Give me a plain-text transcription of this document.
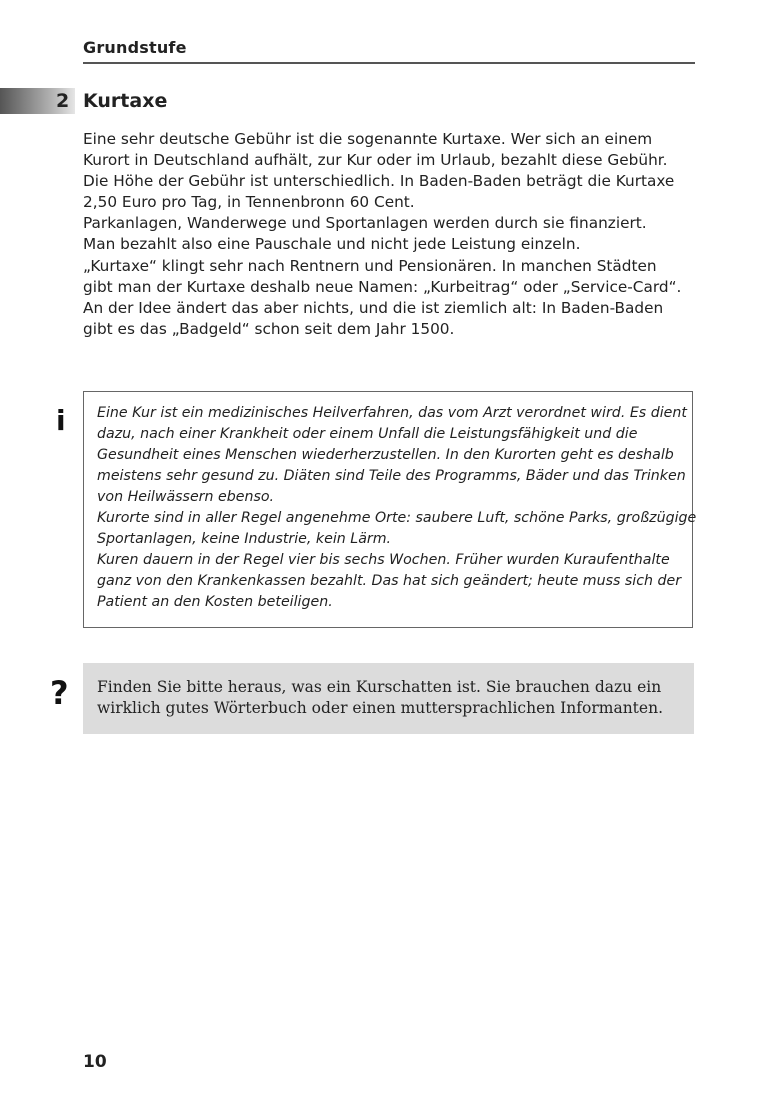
Grundstufe
2 Kurtaxe
Eine sehr deutsche Gebühr ist die sogenannte Kurtaxe. Wer sich an einem
Kurort in Deutschland aufhält, zur Kur oder im Urlaub, bezahlt diese Gebühr.
Die Höhe der Gebühr ist unterschiedlich. In Baden-Baden beträgt die Kurtaxe
2,50 Euro pro Tag, in Tennenbronn 60 Cent.
Parkanlagen, Wanderwege und Sportanlagen werden durch sie finanziert.
Man bezahlt also eine Pauschale und nicht jede Leistung einzeln.
„Kurtaxe“ klingt sehr nach Rentnern und Pensionären. In manchen Städten
gibt man der Kurtaxe deshalb neue Namen: „Kurbeitrag“ oder „Service-Card“.
An der Idee ändert das aber nichts, und die ist ziemlich alt: In Baden-Baden
gibt es das „Badgeld“ schon seit dem Jahr 1500.
i Eine Kur ist ein medizinisches Heilverfahren, das vom Arzt verordnet wird. Es dient
dazu, nach einer Krankheit oder einem Unfall die Leistungsfähigkeit und die
Gesundheit eines Menschen wiederherzustellen. In den Kurorten geht es deshalb
meistens sehr gesund zu. Diäten sind Teile des Programms, Bäder und das Trinken
von Heilwässern ebenso.
Kurorte sind in aller Regel angenehme Orte: saubere Luft, schöne Parks, großzügige
Sportanlagen, keine Industrie, kein Lärm.
Kuren dauern in der Regel vier bis sechs Wochen. Früher wurden Kuraufenthalte
ganz von den Krankenkassen bezahlt. Das hat sich geändert; heute muss sich der
Patient an den Kosten beteiligen.
? Finden Sie bitte heraus, was ein Kurschatten ist. Sie brauchen dazu ein
wirklich gutes Wörterbuch oder einen muttersprachlichen Informanten.
10
